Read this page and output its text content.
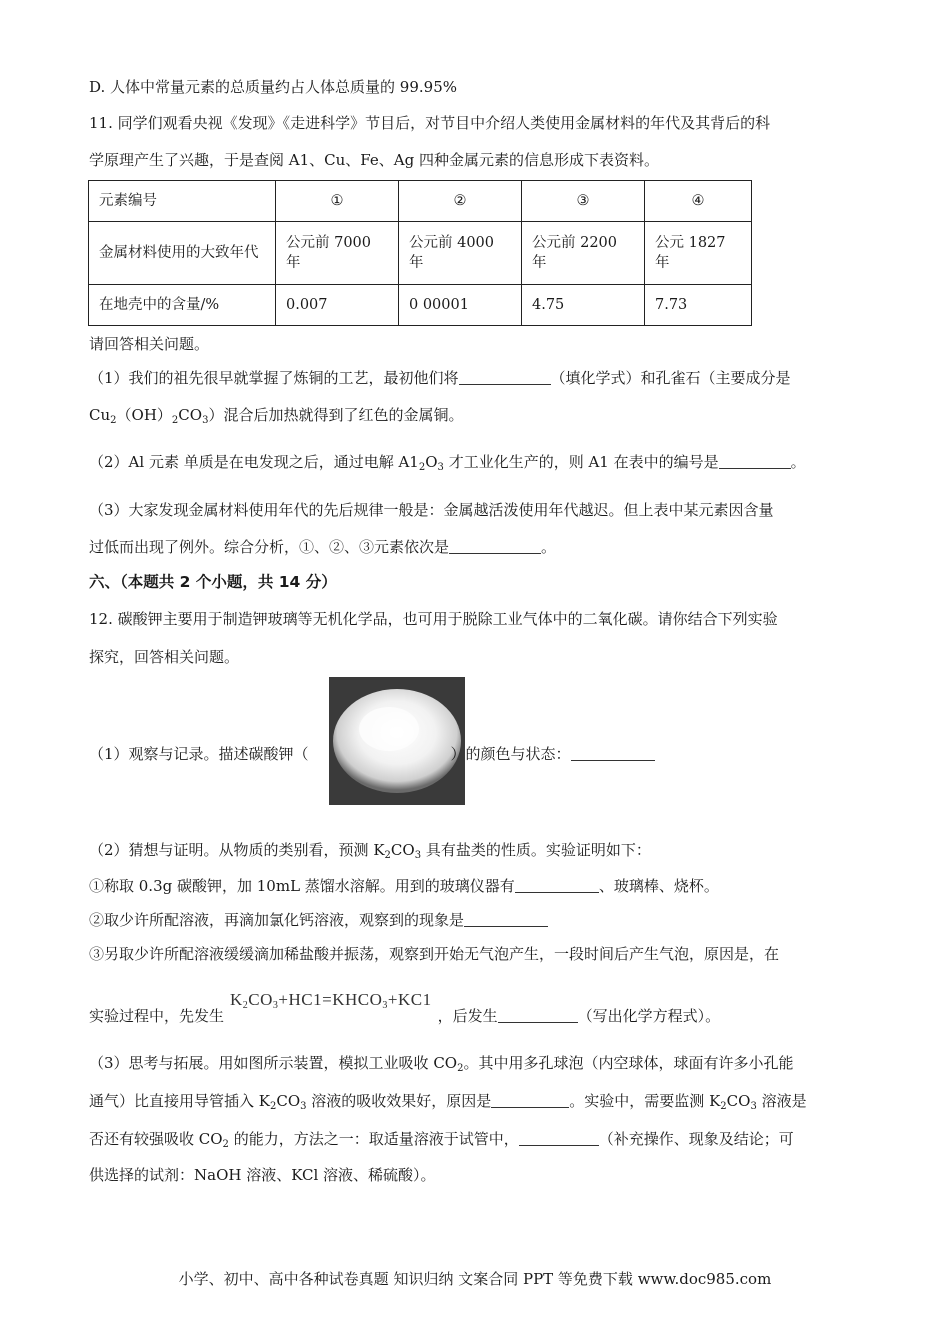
D. 人体中常量元素的总质量约占人体总质量的 99.95%
11. 同学们观看央视《发现》《走进科学》节目后，对节目中介绍人类使用金属材料的年代及其背后的科
学原理产生了兴趣，于是查阅 A1、Cu、Fe、Ag 四种金属元素的信息形成下表资料。
元素编号	①	②	③	④
金属材料使用的大致年代	公元前 7000 年	公元前 4000 年	公元前 2200 年	公元 1827 年
在地壳中的含量/%	0.007	0 00001	4.75	7.73
请回答相关问题。
（1）我们的祖先很早就掌握了炼铜的工艺，最初他们将	（填化学式）和孔雀石（主要成分是
$Cu_2(OH)_2CO_3$）混合后加热就得到了红色的金属铜。
（2）Al 元素 单质是在电发现之后，通过电解 $A1_2O_3$ 才工业化生产的，则 A1 在表中的编号是	。
（3）大家发现金属材料使用年代的先后规律一般是：金属越活泼使用年代越迟。但上表中某元素因含量
过低而出现了例外。综合分析，①、②、③元素依次是	。
六、（本题共 2 个小题，共 14 分）
12. 碳酸钾主要用于制造钾玻璃等无机化学品，也可用于脱除工业气体中的二氧化碳。请你结合下列实验
探究，回答相关问题。
（1）观察与记录。描述碳酸钾（	）的颜色与状态：
（2）猜想与证明。从物质的类别看，预测 $K_2CO_3$ 具有盐类的性质。实验证明如下：
①称取 0.3g 碳酸钾，加 10mL 蒸馏水溶解。用到的玻璃仪器有	、玻璃棒、烧杯。
②取少许所配溶液，再滴加氯化钙溶液，观察到的现象是
③另取少许所配溶液缓缓滴加稀盐酸并振荡，观察到开始无气泡产生，一段时间后产生气泡，原因是，在
实验过程中，先发生$K_2CO_3+HC1=KHCO_3+KC1$，后发生	（写出化学方程式）。
（3）思考与拓展。用如图所示装置，模拟工业吸收 $CO_2$。其中用多孔球泡（内空球体，球面有许多小孔能
通气）比直接用导管插入 $K_2CO_3$ 溶液的吸收效果好，原因是	。实验中，需要监测 $K_2CO_3$ 溶液是
否还有较强吸收 $CO_2$ 的能力，方法之一：取适量溶液于试管中，	（补充操作、现象及结论；可
供选择的试剂：NaOH 溶液、KCl 溶液、稀硫酸）。
小学、初中、高中各种试卷真题 知识归纳 文案合同 PPT 等免费下载 www.doc985.com
